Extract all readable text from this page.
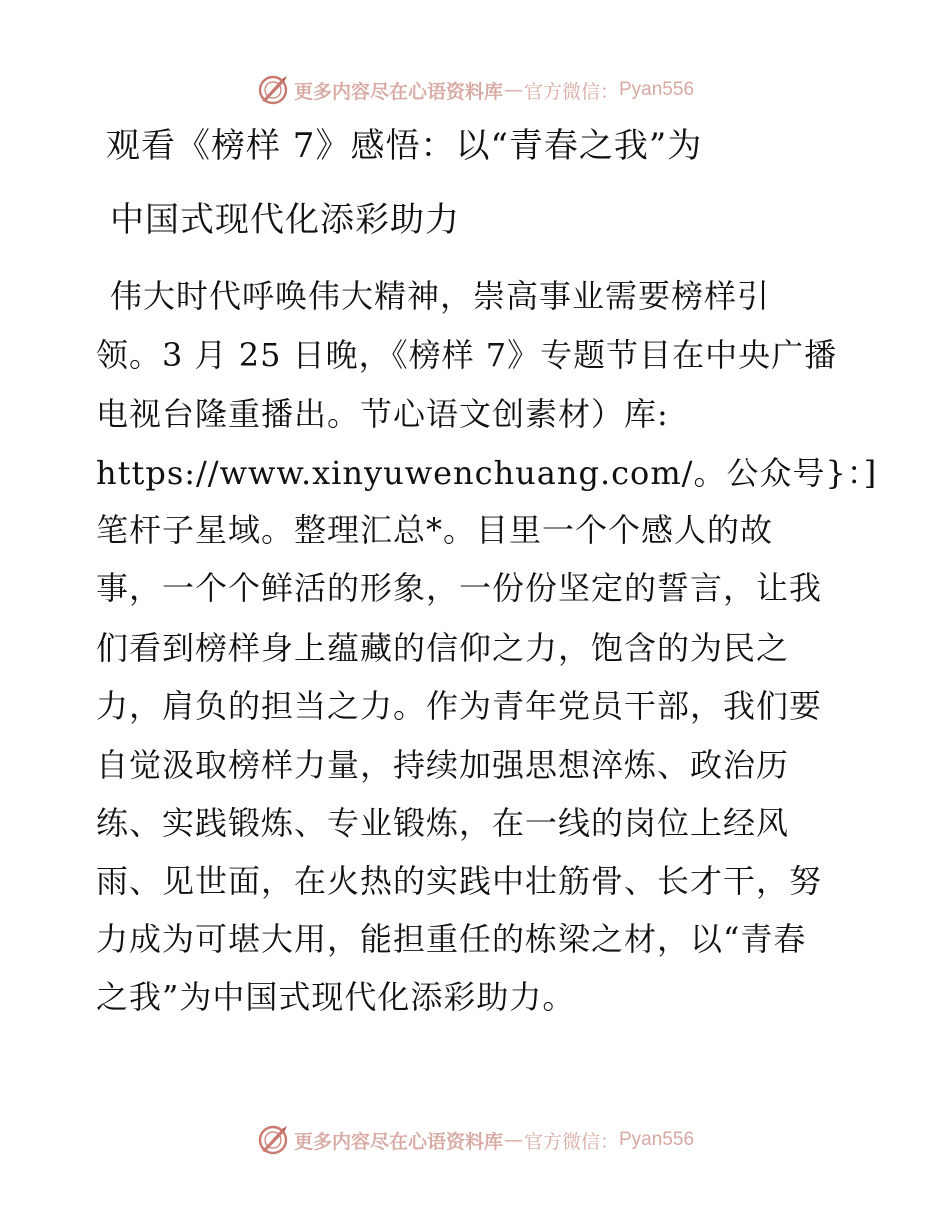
更多内容尽在心语资料库 — 官方微信： Pyan556
观看《榜样 7》感悟：以“青春之我”为
中国式现代化添彩助力
伟大时代呼唤伟大精神，崇高事业需要榜样引
领。3 月 25 日晚，《榜样 7》专题节目在中央广播
电视台隆重播出。节心语文创素材）库:
https://www.xinyuwenchuang.com/。公众号}：]
笔杆子星域。整理汇总*。目里一个个感人的故
事，一个个鲜活的形象，一份份坚定的誓言，让我
们看到榜样身上蕴藏的信仰之力，饱含的为民之
力，肩负的担当之力。作为青年党员干部，我们要
自觉汲取榜样力量，持续加强思想淬炼、政治历
练、实践锻炼、专业锻炼，在一线的岗位上经风
雨、见世面，在火热的实践中壮筋骨、长才干，努
力成为可堪大用，能担重任的栋梁之材，以“青春
之我”为中国式现代化添彩助力。
更多内容尽在心语资料库 — 官方微信： Pyan556
